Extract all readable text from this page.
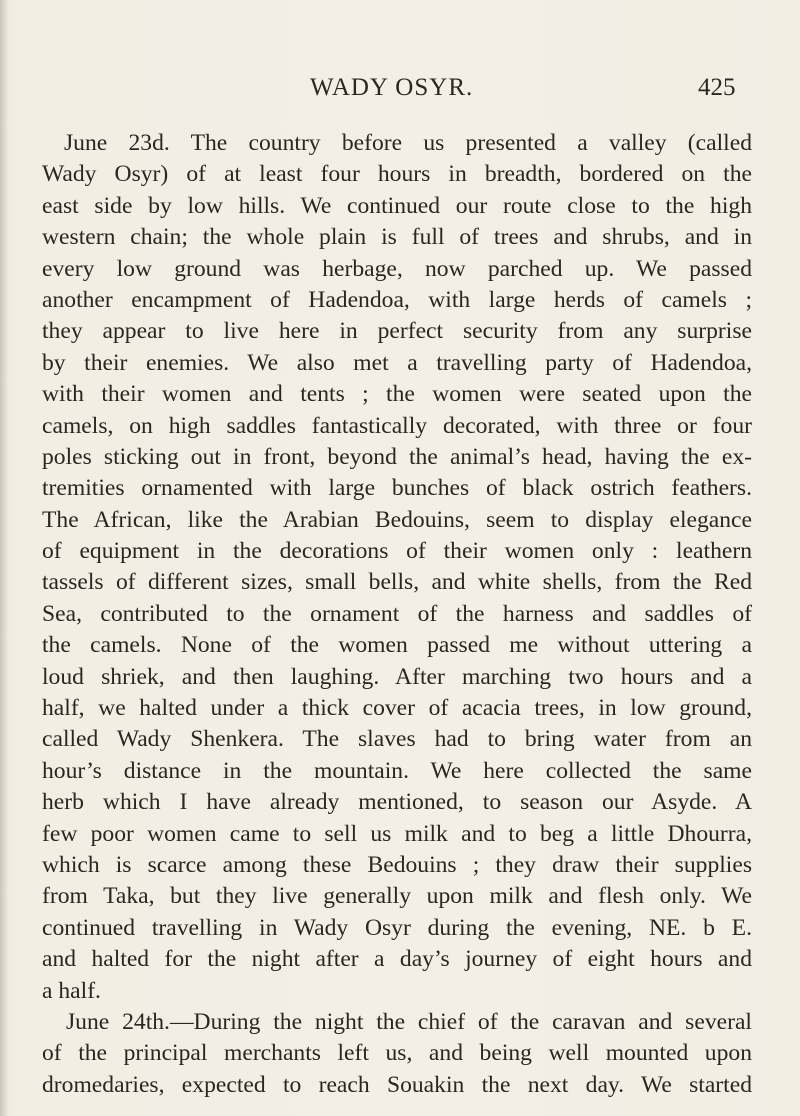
WADY OSYR.	425
June 23d. The country before us presented a valley (called
Wady Osyr) of at least four hours in breadth, bordered on the
east side by low hills. We continued our route close to the high
western chain; the whole plain is full of trees and shrubs, and in
every low ground was herbage, now parched up. We passed
another encampment of Hadendoa, with large herds of camels ;
they appear to live here in perfect security from any surprise
by their enemies. We also met a travelling party of Hadendoa,
with their women and tents ; the women were seated upon the
camels, on high saddles fantastically decorated, with three or four
poles sticking out in front, beyond the animal’s head, having the ex-
tremities ornamented with large bunches of black ostrich feathers.
The African, like the Arabian Bedouins, seem to display elegance
of equipment in the decorations of their women only : leathern
tassels of different sizes, small bells, and white shells, from the Red
Sea, contributed to the ornament of the harness and saddles of
the camels. None of the women passed me without uttering a
loud shriek, and then laughing. After marching two hours and a
half, we halted under a thick cover of acacia trees, in low ground,
called Wady Shenkera. The slaves had to bring water from an
hour’s distance in the mountain. We here collected the same
herb which I have already mentioned, to season our Asyde. A
few poor women came to sell us milk and to beg a little Dhourra,
which is scarce among these Bedouins ; they draw their supplies
from Taka, but they live generally upon milk and flesh only. We
continued travelling in Wady Osyr during the evening, NE. b E.
and halted for the night after a day’s journey of eight hours and
a half.
June 24th.—During the night the chief of the caravan and several
of the principal merchants left us, and being well mounted upon
dromedaries, expected to reach Souakin the next day. We started
